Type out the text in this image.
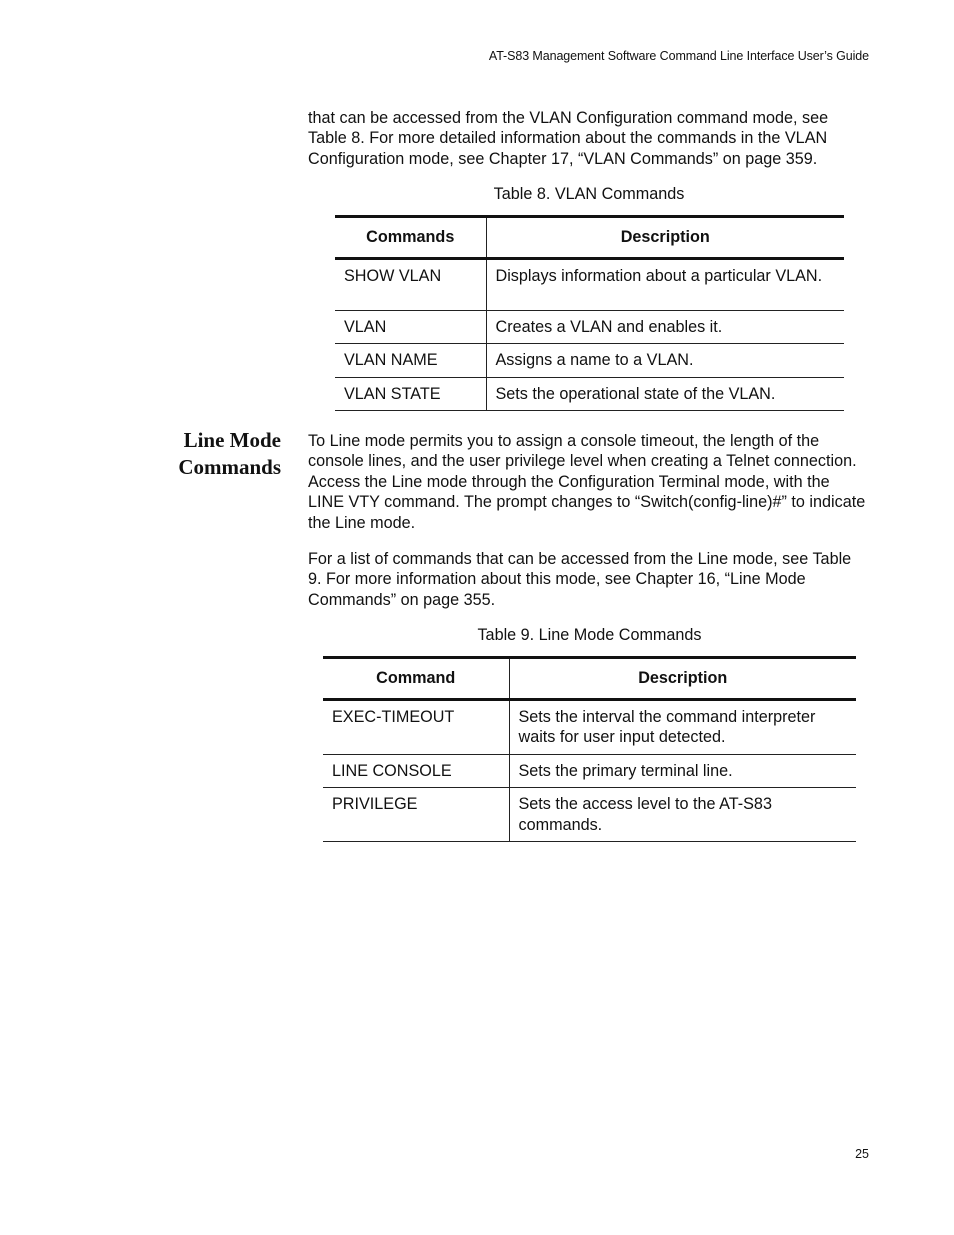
AT-S83 Management Software Command Line Interface User’s Guide

that can be accessed from the VLAN Configuration command mode, see Table 8. For more detailed information about the commands in the VLAN Configuration mode, see Chapter 17, “VLAN Commands” on page 359.

Table 8. VLAN Commands
Commands	Description
SHOW VLAN	Displays information about a particular VLAN.
VLAN	Creates a VLAN and enables it.
VLAN NAME	Assigns a name to a VLAN.
VLAN STATE	Sets the operational state of the VLAN.
Line Mode
Commands

To Line mode permits you to assign a console timeout, the length of the console lines, and the user privilege level when creating a Telnet connection. Access the Line mode through the Configuration Terminal mode, with the LINE VTY command. The prompt changes to “Switch(config-line)#” to indicate the Line mode.

For a list of commands that can be accessed from the Line mode, see Table 9. For more information about this mode, see Chapter 16, “Line Mode Commands” on page 355.

Table 9. Line Mode Commands
Command	Description
EXEC-TIMEOUT	Sets the interval the command interpreter waits for user input detected.
LINE CONSOLE	Sets the primary terminal line.
PRIVILEGE	Sets the access level to the AT-S83 commands.
25
